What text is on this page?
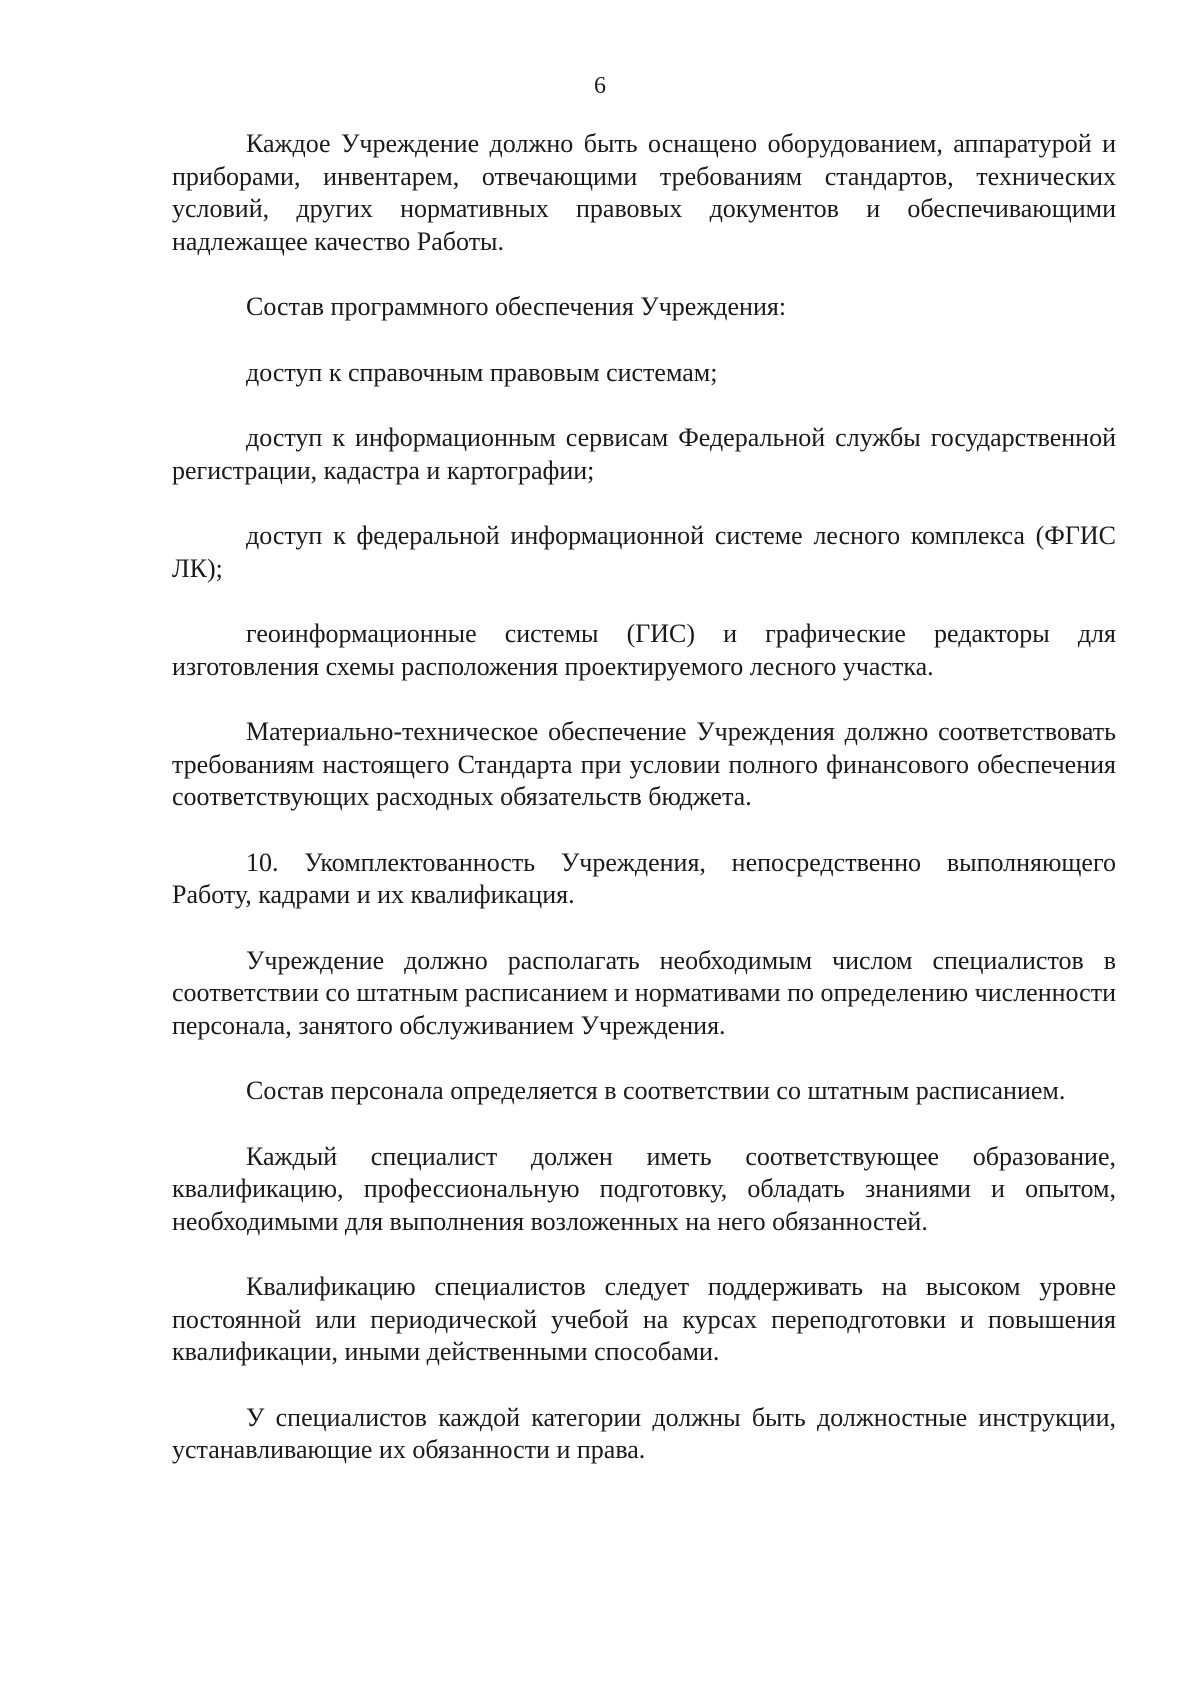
6

Каждое Учреждение должно быть оснащено оборудованием, аппаратурой и приборами, инвентарем, отвечающими требованиям стандартов, технических условий, других нормативных правовых документов и обеспечивающими надлежащее качество Работы.

Состав программного обеспечения Учреждения:

доступ к справочным правовым системам;

доступ к информационным сервисам Федеральной службы государственной регистрации, кадастра и картографии;

доступ к федеральной информационной системе лесного комплекса (ФГИС ЛК);

геоинформационные системы (ГИС) и графические редакторы для изготовления схемы расположения проектируемого лесного участка.

Материально-техническое обеспечение Учреждения должно соответствовать требованиям настоящего Стандарта при условии полного финансового обеспечения соответствующих расходных обязательств бюджета.

10. Укомплектованность Учреждения, непосредственно выполняющего Работу, кадрами и их квалификация.

Учреждение должно располагать необходимым числом специалистов в соответствии со штатным расписанием и нормативами по определению численности персонала, занятого обслуживанием Учреждения.

Состав персонала определяется в соответствии со штатным расписанием.

Каждый специалист должен иметь соответствующее образование, квалификацию, профессиональную подготовку, обладать знаниями и опытом, необходимыми для выполнения возложенных на него обязанностей.

Квалификацию специалистов следует поддерживать на высоком уровне постоянной или периодической учебой на курсах переподготовки и повышения квалификации, иными действенными способами.

У специалистов каждой категории должны быть должностные инструкции, устанавливающие их обязанности и права.
